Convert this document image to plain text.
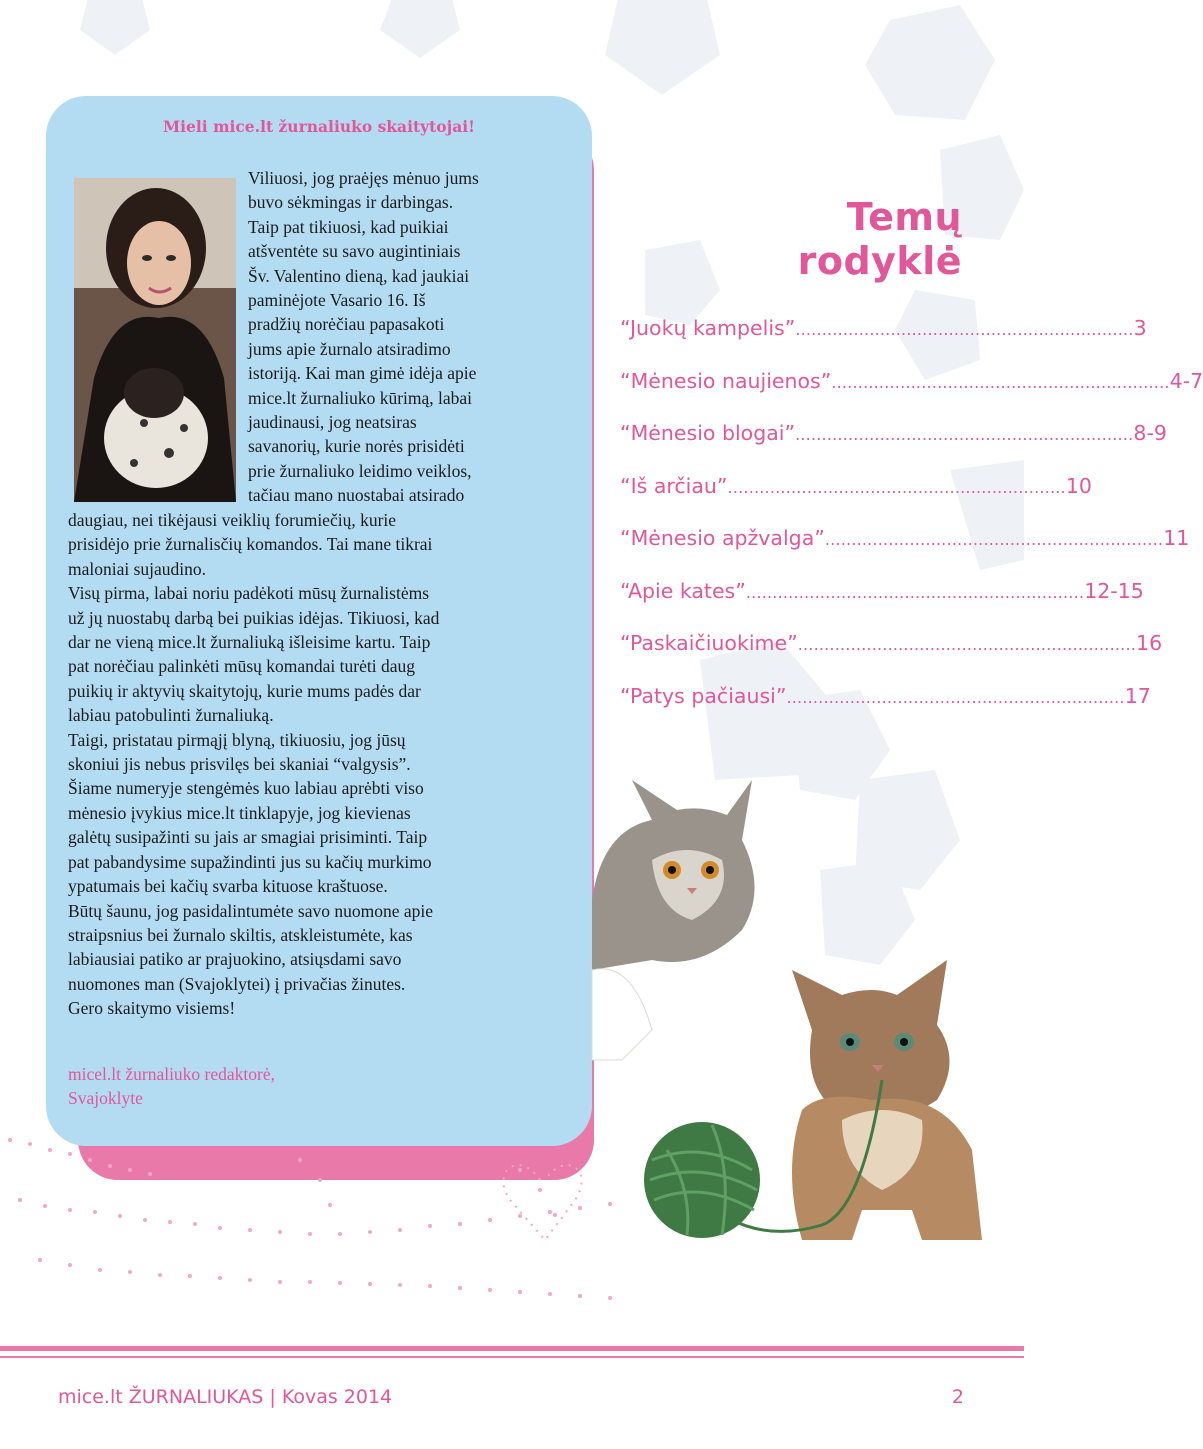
Mieli mice.lt žurnaliuko skaitytojai!
Viliuosi, jog praėjęs mėnuo jums
buvo sėkmingas ir darbingas.
Taip pat tikiuosi, kad puikiai
atšventėte su savo augintiniais
Šv. Valentino dieną, kad jaukiai
paminėjote Vasario 16. Iš
pradžių norėčiau papasakoti
jums apie žurnalo atsiradimo
istoriją. Kai man gimė idėja apie
mice.lt žurnaliuko kūrimą, labai
jaudinausi, jog neatsiras
savanorių, kurie norės prisidėti
prie žurnaliuko leidimo veiklos,
tačiau mano nuostabai atsirado
daugiau, nei tikėjausi veiklių forumiečių, kurie
prisidėjo prie žurnalisčių komandos. Tai mane tikrai
maloniai sujaudino.
Visų pirma, labai noriu padėkoti mūsų žurnalistėms
už jų nuostabų darbą bei puikias idėjas. Tikiuosi, kad
dar ne vieną mice.lt žurnaliuką išleisime kartu. Taip
pat norėčiau palinkėti mūsų komandai turėti daug
puikių ir aktyvių skaitytojų, kurie mums padės dar
labiau patobulinti žurnaliuką.
Taigi, pristatau pirmąjį blyną, tikiuosiu, jog jūsų
skoniui jis nebus prisvilęs bei skaniai “valgysis”.
Šiame numeryje stengėmės kuo labiau aprėbti viso
mėnesio įvykius mice.lt tinklapyje, jog kievienas
galėtų susipažinti su jais ar smagiai prisiminti. Taip
pat pabandysime supažindinti jus su kačių murkimo
ypatumais bei kačių svarba kituose kraštuose.
Būtų šaunu, jog pasidalintumėte savo nuomone apie
straipsnius bei žurnalo skiltis, atskleistumėte, kas
labiausiai patiko ar prajuokino, atsiųsdami savo
nuomones man (Svajoklytei) į privačias žinutes.
Gero skaitymo visiems!
micel.lt žurnaliuko redaktorė,
Svajoklyte
Temų rodyklė
“Juokų kampelis” ................................................................ 3
“Mėnesio naujienos” ................................................................ 4-7
“Mėnesio blogai” ................................................................ 8-9
“Iš arčiau” ................................................................ 10
“Mėnesio apžvalga” ................................................................ 11
“Apie kates” ................................................................ 12-15
“Paskaičiuokime” ................................................................ 16
“Patys pačiausi” ................................................................ 17
mice.lt ŽURNALIUKAS | Kovas 2014	2
